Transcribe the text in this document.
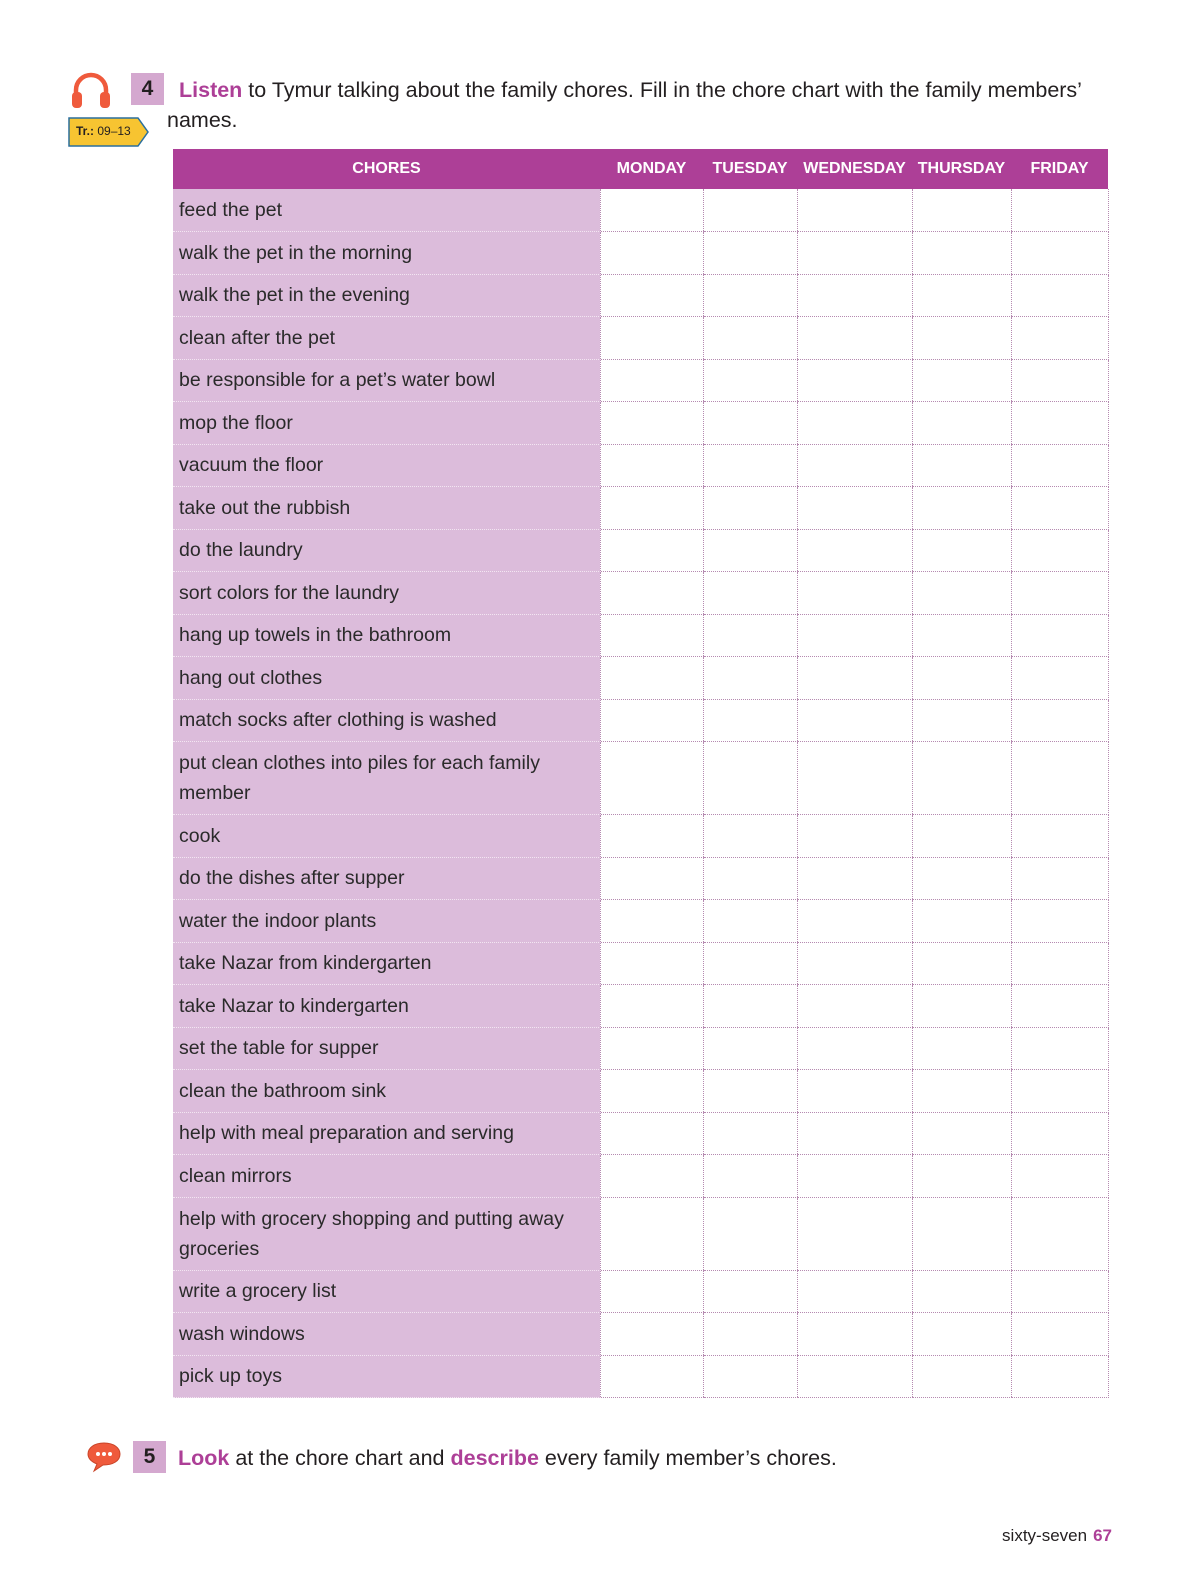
Tr.: 09–13
4	Listen to Tymur talking about the family chores. Fill in the chore chart with the family members’ names.
CHORES	MONDAY	TUESDAY	WEDNESDAY	THURSDAY	FRIDAY
feed the pet					
walk the pet in the morning					
walk the pet in the evening					
clean after the pet					
be responsible for a pet’s water bowl					
mop the floor					
vacuum the floor					
take out the rubbish					
do the laundry					
sort colors for the laundry					
hang up towels in the bathroom					
hang out clothes					
match socks after clothing is washed					
put clean clothes into piles for each family member					
cook					
do the dishes after supper					
water the indoor plants					
take Nazar from kindergarten					
take Nazar to kindergarten					
set the table for supper					
clean the bathroom sink					
help with meal preparation and serving					
clean mirrors					
help with grocery shopping and putting away groceries					
write a grocery list					
wash windows					
pick up toys					
5	Look at the chore chart and describe every family member’s chores.
sixty-seven 67
